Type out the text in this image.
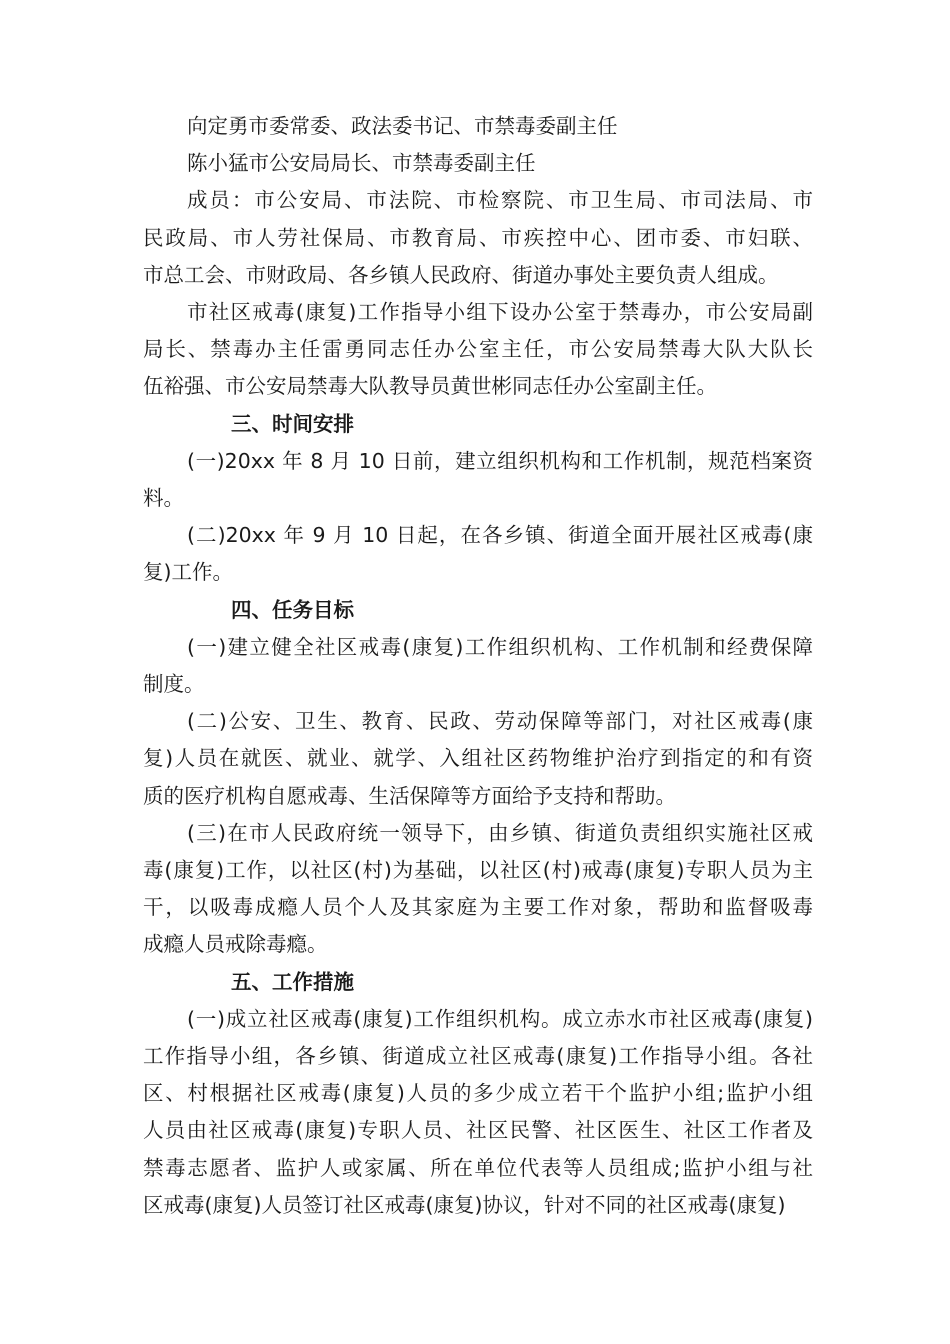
向定勇市委常委、政法委书记、市禁毒委副主任
陈小猛市公安局局长、市禁毒委副主任
成员：市公安局、市法院、市检察院、市卫生局、市司法局、市
民政局、市人劳社保局、市教育局、市疾控中心、团市委、市妇联、
市总工会、市财政局、各乡镇人民政府、街道办事处主要负责人组成。
市社区戒毒(康复)工作指导小组下设办公室于禁毒办，市公安局副
局长、禁毒办主任雷勇同志任办公室主任，市公安局禁毒大队大队长
伍裕强、市公安局禁毒大队教导员黄世彬同志任办公室副主任。
三、时间安排
(一)20xx 年 8 月 10 日前，建立组织机构和工作机制，规范档案资
料。
(二)20xx 年 9 月 10 日起，在各乡镇、街道全面开展社区戒毒(康
复)工作。
四、任务目标
(一)建立健全社区戒毒(康复)工作组织机构、工作机制和经费保障
制度。
(二)公安、卫生、教育、民政、劳动保障等部门，对社区戒毒(康
复)人员在就医、就业、就学、入组社区药物维护治疗到指定的和有资
质的医疗机构自愿戒毒、生活保障等方面给予支持和帮助。
(三)在市人民政府统一领导下，由乡镇、街道负责组织实施社区戒
毒(康复)工作，以社区(村)为基础，以社区(村)戒毒(康复)专职人员为主
干，以吸毒成瘾人员个人及其家庭为主要工作对象，帮助和监督吸毒
成瘾人员戒除毒瘾。
五、工作措施
(一)成立社区戒毒(康复)工作组织机构。成立赤水市社区戒毒(康复)
工作指导小组，各乡镇、街道成立社区戒毒(康复)工作指导小组。各社
区、村根据社区戒毒(康复)人员的多少成立若干个监护小组;监护小组
人员由社区戒毒(康复)专职人员、社区民警、社区医生、社区工作者及
禁毒志愿者、监护人或家属、所在单位代表等人员组成;监护小组与社
区戒毒(康复)人员签订社区戒毒(康复)协议，针对不同的社区戒毒(康复)
